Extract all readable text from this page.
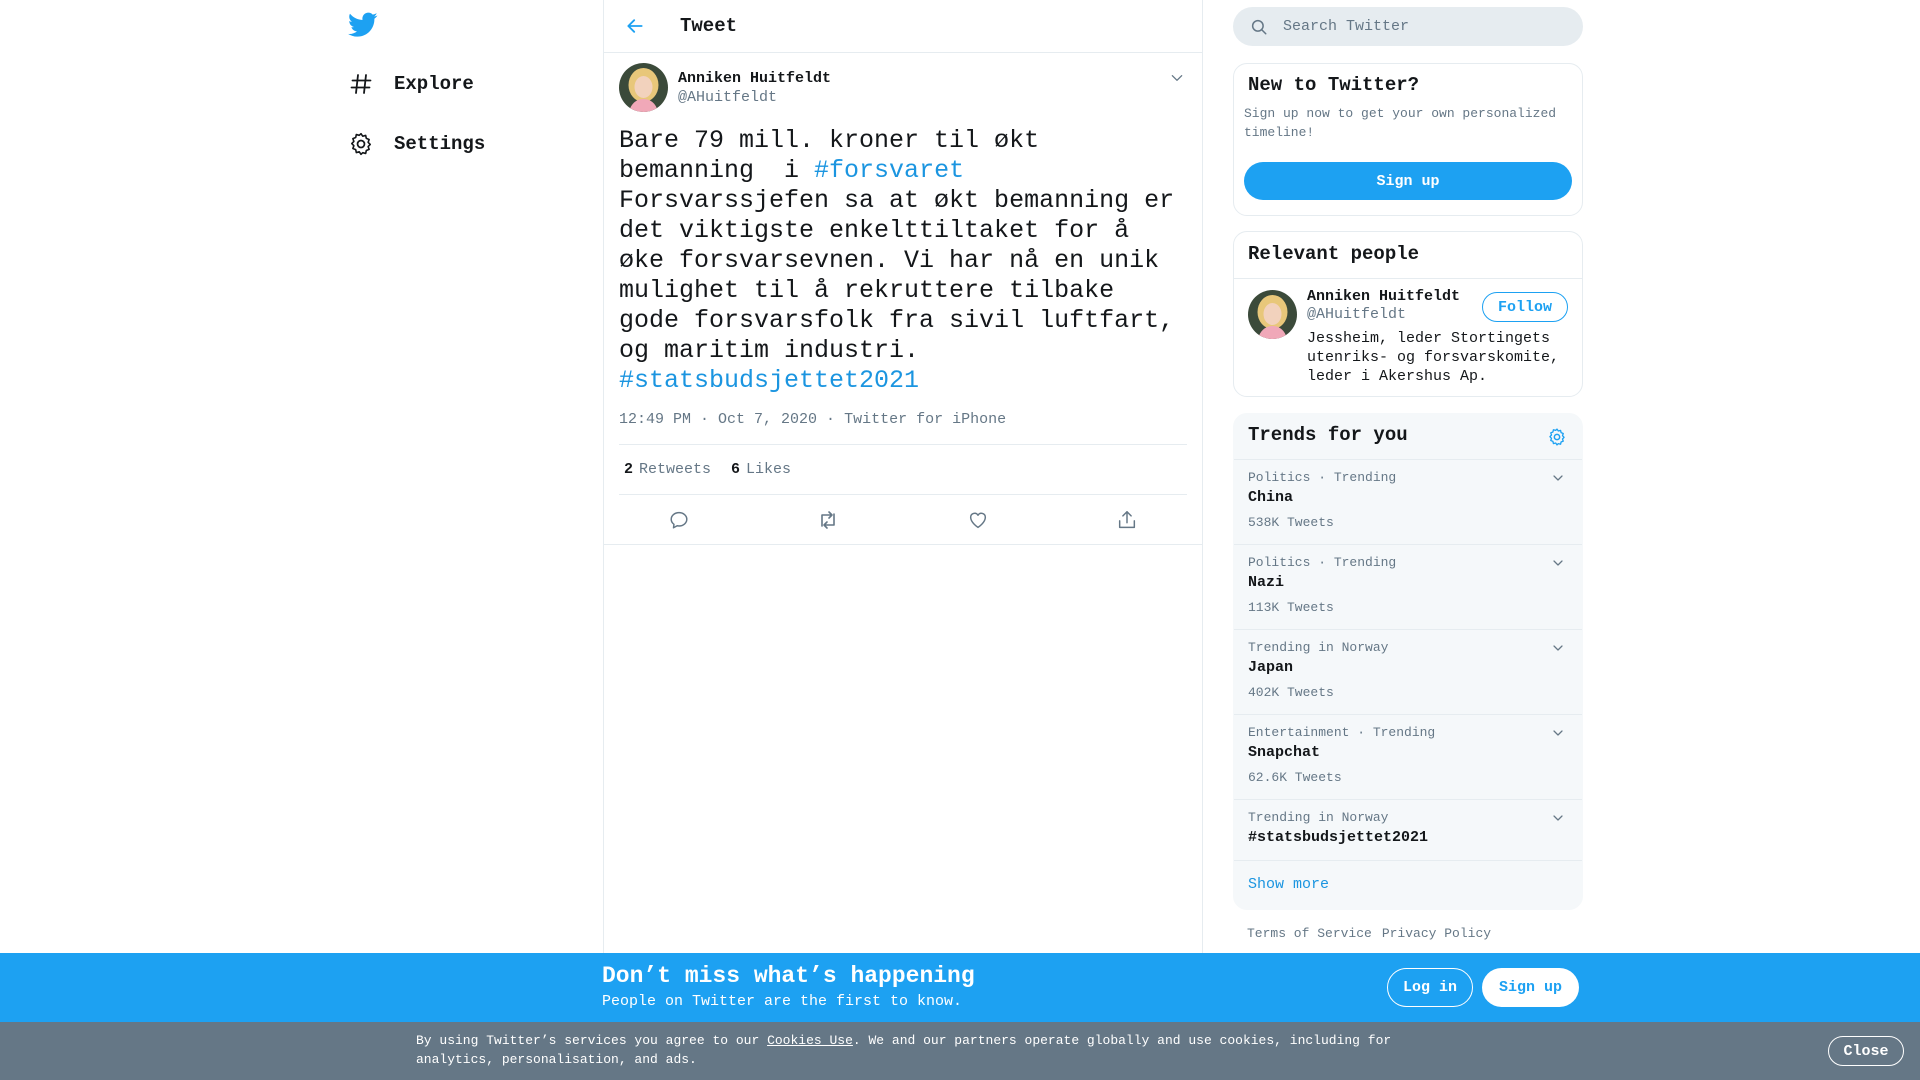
Explore
Settings
Tweet
Anniken Huitfeldt
@AHuitfeldt
Bare 79 mill. kroner til økt bemanning  i #forsvaret Forsvarssjefen sa at økt bemanning er det viktigste enkelttiltaket for å øke forsvarsevnen. Vi har nå en unik mulighet til å rekruttere tilbake gode forsvarsfolk fra sivil luftfart, og maritim industri. #statsbudsjettet2021
12:49 PM · Oct 7, 2020 · Twitter for iPhone
2 Retweets 6 Likes
Search Twitter
New to Twitter?
Sign up now to get your own personalized timeline!
Sign up
Relevant people
Anniken Huitfeldt
@AHuitfeldt
Jessheim, leder Stortingets utenriks- og forsvarskomite, leder i Akershus Ap.
Follow
Trends for you
Politics · Trending
China
538K Tweets
Politics · Trending
Nazi
113K Tweets
Trending in Norway
Japan
402K Tweets
Entertainment · Trending
Snapchat
62.6K Tweets
Trending in Norway
#statsbudsjettet2021
Show more
Terms of Service Privacy Policy
Don’t miss what’s happening
People on Twitter are the first to know.
Log in	Sign up
By using Twitter’s services you agree to our Cookies Use. We and our partners operate globally and use cookies, including for analytics, personalisation, and ads.	Close
